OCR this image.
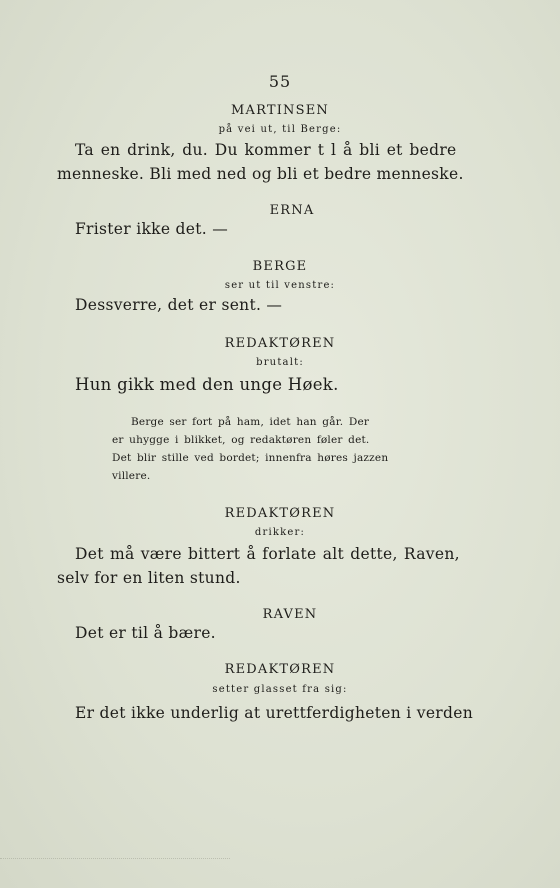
55
MARTINSEN
på vei ut, til Berge:
Ta en drink, du. Du kommer t l å bli et bedre
menneske. Bli med ned og bli et bedre menneske.
ERNA
Frister ikke det. —
BERGE
ser ut til venstre:
Dessverre, det er sent. —
REDAKTØREN
brutalt:
Hun gikk med den unge Høek.
Berge ser fort på ham, idet han går. Der
er uhygge i blikket, og redaktøren føler det.
Det blir stille ved bordet; innenfra høres jazzen
villere.
REDAKTØREN
drikker:
Det må være bittert å forlate alt dette, Raven,
selv for en liten stund.
RAVEN
Det er til å bære.
REDAKTØREN
setter glasset fra sig:
Er det ikke underlig at urettferdigheten i verden
